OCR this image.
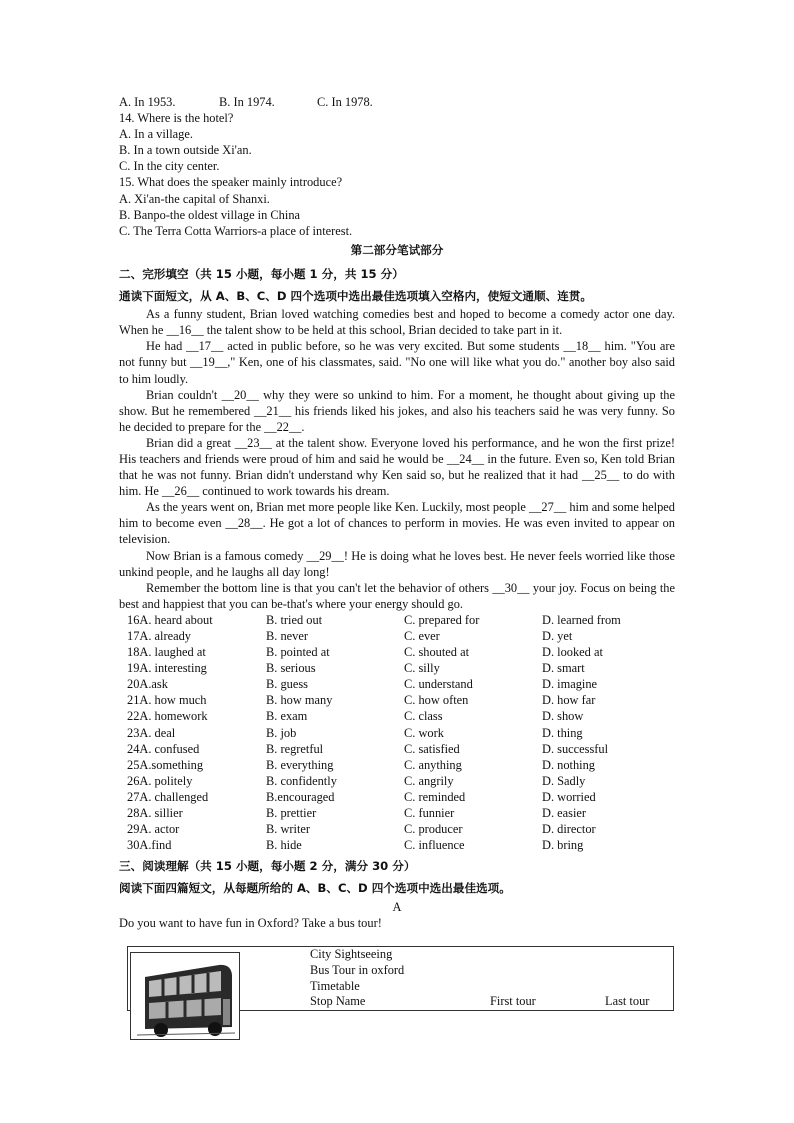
A. In 1953.	B. In 1974.	C. In 1978.
14. Where is the hotel?
A. In a village.
B. In a town outside Xi'an.
C. In the city center.
15. What does the speaker mainly introduce?
A. Xi'an-the capital of Shanxi.
B. Banpo-the oldest village in China
C. The Terra Cotta Warriors-a place of interest.
第二部分笔试部分
二、完形填空（共 15 小题，每小题 1 分，共 15 分）
通读下面短文，从 A、B、C、D 四个选项中选出最佳选项填入空格内，使短文通顺、连贯。
As a funny student, Brian loved watching comedies best and hoped to become a comedy actor one day. When he __16__ the talent show to be held at this school, Brian decided to take part in it.
He had __17__ acted in public before, so he was very excited. But some students __18__ him. "You are not funny but __19__," Ken, one of his classmates, said. "No one will like what you do." another boy also said to him loudly.
Brian couldn't __20__ why they were so unkind to him. For a moment, he thought about giving up the show. But he remembered __21__ his friends liked his jokes, and also his teachers said he was very funny. So he decided to prepare for the __22__.
Brian did a great __23__ at the talent show. Everyone loved his performance, and he won the first prize! His teachers and friends were proud of him and said he would be __24__ in the future. Even so, Ken told Brian that he was not funny. Brian didn't understand why Ken said so, but he realized that it had __25__ to do with him. He __26__ continued to work towards his dream.
As the years went on, Brian met more people like Ken. Luckily, most people __27__ him and some helped him to become even __28__. He got a lot of chances to perform in movies. He was even invited to appear on television.
Now Brian is a famous comedy __29__! He is doing what he loves best. He never feels worried like those unkind people, and he laughs all day long!
Remember the bottom line is that you can't let the behavior of others __30__ your joy. Focus on being the best and happiest that you can be-that's where your energy should go.
16A. heard about	B. tried out	C. prepared for	D. learned from
17A. already	B. never	C. ever	D. yet
18A. laughed at	B. pointed at	C. shouted at	D. looked at
19A. interesting	B. serious	C. silly	D. smart
20A.ask	B. guess	C. understand	D. imagine
21A. how much	B. how many	C. how often	D. how far
22A. homework	B. exam	C. class	D. show
23A. deal	B. job	C. work	D. thing
24A. confused	B. regretful	C. satisfied	D. successful
25A.something	B. everything	C. anything	D. nothing
26A. politely	B. confidently	C. angrily	D. Sadly
27A. challenged	B.encouraged	C. reminded	D. worried
28A. sillier	B. prettier	C. funnier	D. easier
29A. actor	B. writer	C. producer	D. director
30A.find	B. hide	C. influence	D. bring
三、阅读理解（共 15 小题，每小题 2 分，满分 30 分）
阅读下面四篇短文，从每题所给的 A、B、C、D 四个选项中选出最佳选项。
A
Do you want to have fun in Oxford? Take a bus tour!
City Sightseeing
Bus Tour in oxford
Timetable
Stop Name	First tour	Last tour
